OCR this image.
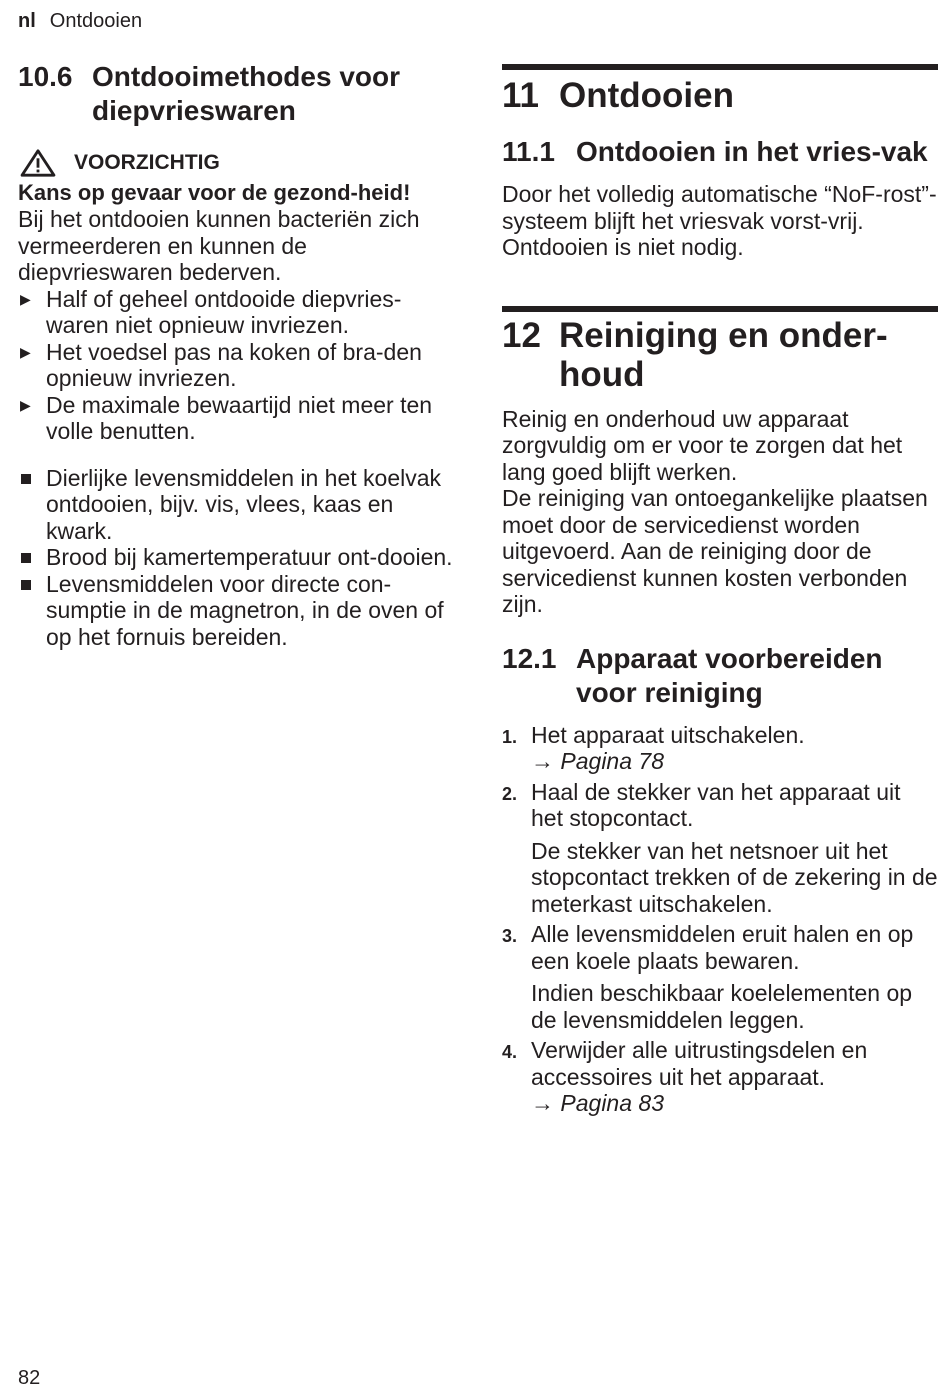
nl Ontdooien
10.6 Ontdooimethodes voor diepvrieswaren
VOORZICHTIG
Kans op gevaar voor de gezond-heid!
Bij het ontdooien kunnen bacteriën zich vermeerderen en kunnen de diepvrieswaren bederven.
▶ Half of geheel ontdooide diepvries-waren niet opnieuw invriezen.
▶ Het voedsel pas na koken of bra-den opnieuw invriezen.
▶ De maximale bewaartijd niet meer ten volle benutten.
Dierlijke levensmiddelen in het koelvak ontdooien, bijv. vis, vlees, kaas en kwark.
Brood bij kamertemperatuur ont-dooien.
Levensmiddelen voor directe con-sumptie in de magnetron, in de oven of op het fornuis bereiden.
11 Ontdooien
11.1 Ontdooien in het vries-vak
Door het volledig automatische “NoF-rost”-systeem blijft het vriesvak vorst-vrij. Ontdooien is niet nodig.
12 Reiniging en onder-houd
Reinig en onderhoud uw apparaat zorgvuldig om er voor te zorgen dat het lang goed blijft werken.
De reiniging van ontoegankelijke plaatsen moet door de servicedienst worden uitgevoerd. Aan de reiniging door de servicedienst kunnen kosten verbonden zijn.
12.1 Apparaat voorbereiden voor reiniging
1. Het apparaat uitschakelen.
→ Pagina 78
2. Haal de stekker van het apparaat uit het stopcontact.
De stekker van het netsnoer uit het stopcontact trekken of de zekering in de meterkast uitschakelen.
3. Alle levensmiddelen eruit halen en op een koele plaats bewaren.
Indien beschikbaar koelelementen op de levensmiddelen leggen.
4. Verwijder alle uitrustingsdelen en accessoires uit het apparaat.
→ Pagina 83
82
